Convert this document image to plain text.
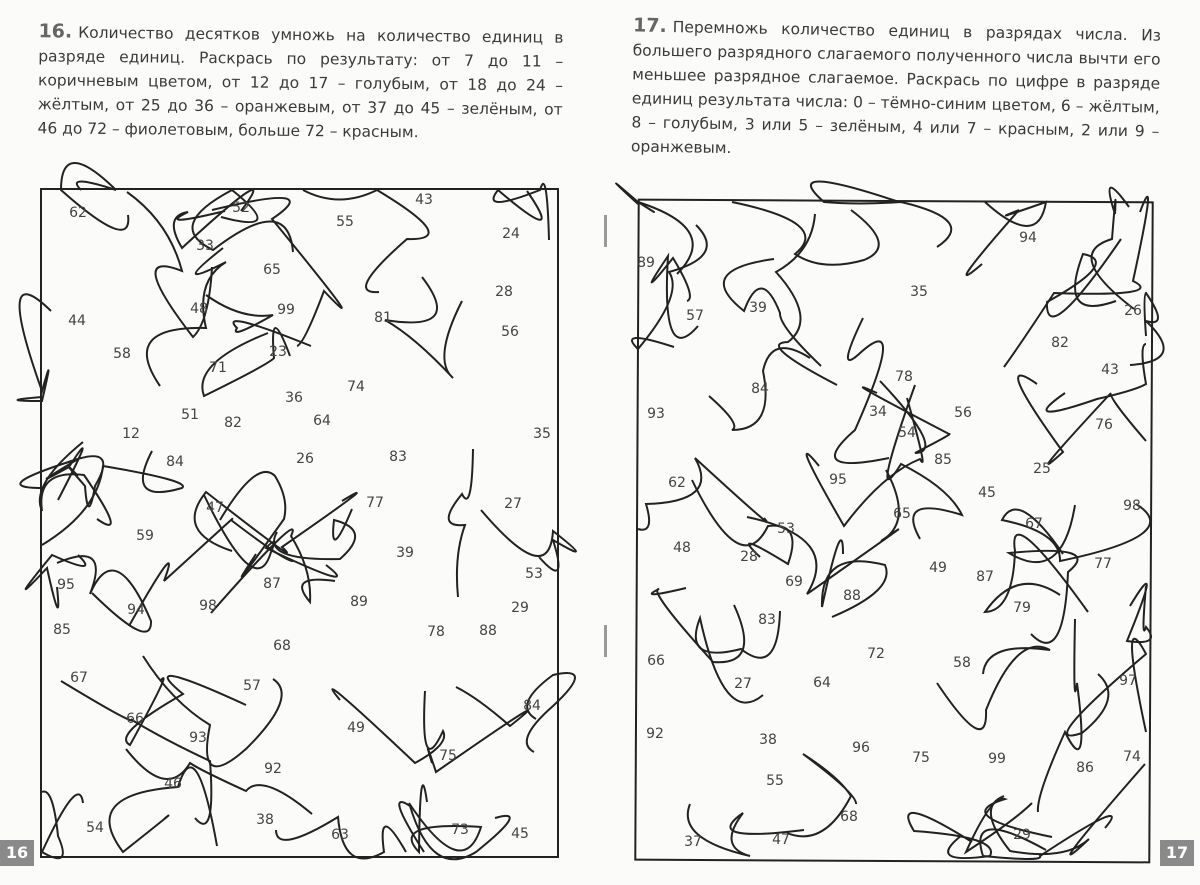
16. Количество десятков умножь на количество единиц в разряде единиц. Раскрась по результату: от 7 до 11 – коричневым цветом, от 12 до 17 – голубым, от 18 до 24 – жёлтым, от 25 до 36 – оранжевым, от 37 до 45 – зелёным, от 46 до 72 – фиолетовым, больше 72 – красным.
17. Перемножь количество единиц в разрядах числа. Из большего разрядного слагаемого полученного числа вычти его меньшее разрядное слагаемое. Раскрась по цифре в разряде единиц результата числа: 0 – тёмно-синим цветом, 6 – жёлтым, 8 – голубым, 3 или 5 – зелёным, 4 или 7 – красным, 2 или 9 – оранжевым.
62	52	43
55
33
24
65
48	99
28
44	81
56
58	23
71
74
36
51 82	64
12	35
84	26	83
47	77	27
59
39
53
95	87
89
94	98	29
85	78 88
68
67	57
84
66
49
93
75
92
46
54	38
63	73	45
89
94
35
57	39	26
82
43
78
84
93	34	56
54	76
85
25
95
62
45
98
65
67
53
48
28	77
49
87
69
88
79
83
72
58
66
97
27	64
92	38	96
75	99
86
74
55
68
29
37	47
16	17
